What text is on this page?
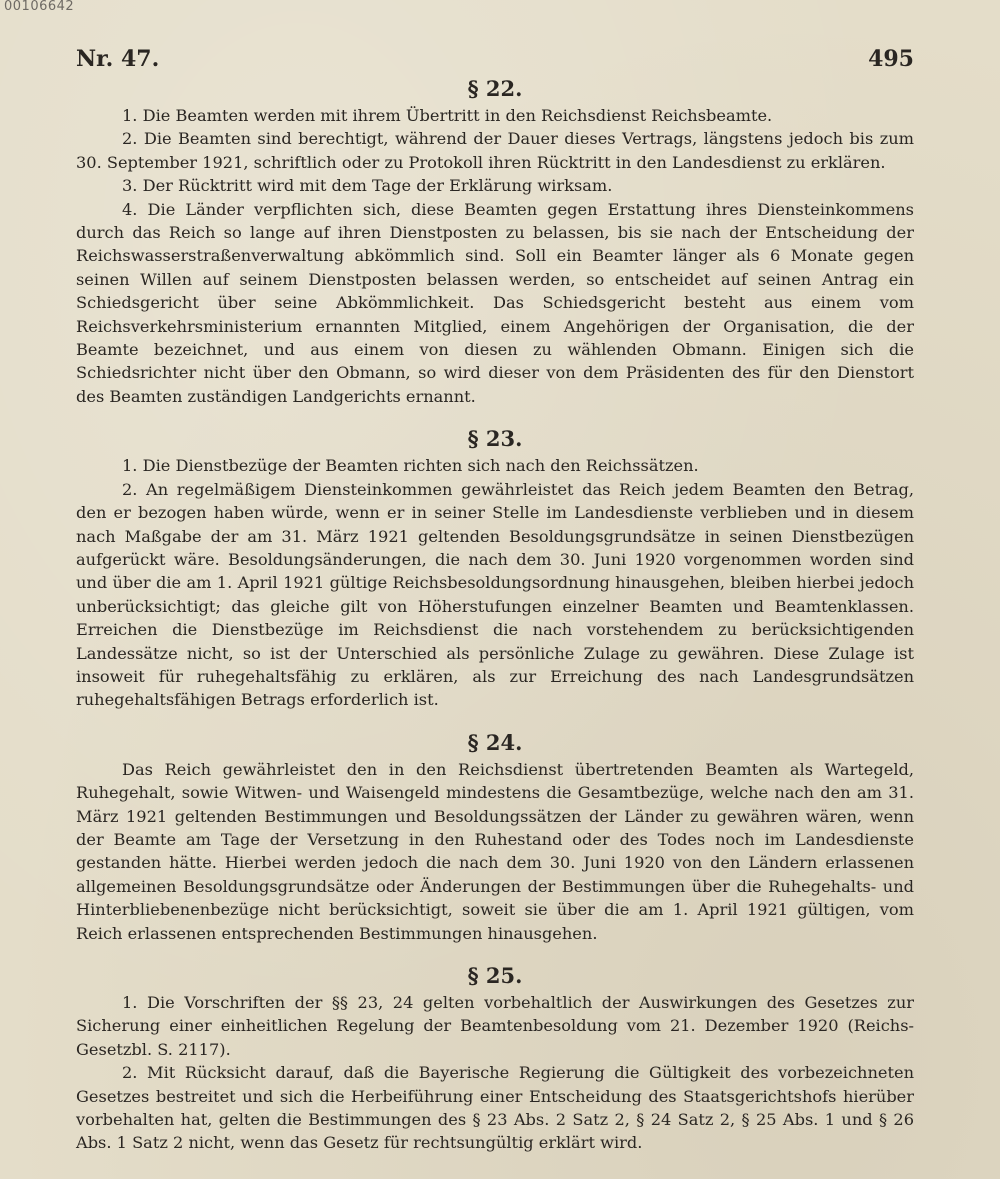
00106642
Nr. 47.	495
§ 22.

1. Die Beamten werden mit ihrem Übertritt in den Reichsdienst Reichsbeamte.

2. Die Beamten sind berechtigt, während der Dauer dieses Vertrags, längstens jedoch bis zum 30. September 1921, schriftlich oder zu Protokoll ihren Rücktritt in den Landesdienst zu erklären.

3. Der Rücktritt wird mit dem Tage der Erklärung wirksam.

4. Die Länder verpflichten sich, diese Beamten gegen Erstattung ihres Diensteinkommens durch das Reich so lange auf ihren Dienstposten zu belassen, bis sie nach der Entscheidung der Reichswasserstraßenverwaltung abkömmlich sind. Soll ein Beamter länger als 6 Monate gegen seinen Willen auf seinem Dienstposten belassen werden, so entscheidet auf seinen Antrag ein Schiedsgericht über seine Abkömmlichkeit. Das Schiedsgericht besteht aus einem vom Reichsverkehrsministerium ernannten Mitglied, einem Angehörigen der Organisation, die der Beamte bezeichnet, und aus einem von diesen zu wählenden Obmann. Einigen sich die Schiedsrichter nicht über den Obmann, so wird dieser von dem Präsidenten des für den Dienstort des Beamten zuständigen Landgerichts ernannt.

§ 23.

1. Die Dienstbezüge der Beamten richten sich nach den Reichssätzen.

2. An regelmäßigem Diensteinkommen gewährleistet das Reich jedem Beamten den Betrag, den er bezogen haben würde, wenn er in seiner Stelle im Landesdienste verblieben und in diesem nach Maßgabe der am 31. März 1921 geltenden Besoldungsgrundsätze in seinen Dienstbezügen aufgerückt wäre. Besoldungsänderungen, die nach dem 30. Juni 1920 vorgenommen worden sind und über die am 1. April 1921 gültige Reichsbesoldungsordnung hinausgehen, bleiben hierbei jedoch unberücksichtigt; das gleiche gilt von Höherstufungen einzelner Beamten und Beamtenklassen. Erreichen die Dienstbezüge im Reichsdienst die nach vorstehendem zu berücksichtigenden Landessätze nicht, so ist der Unterschied als persönliche Zulage zu gewähren. Diese Zulage ist insoweit für ruhegehaltsfähig zu erklären, als zur Erreichung des nach Landesgrundsätzen ruhegehaltsfähigen Betrags erforderlich ist.

§ 24.

Das Reich gewährleistet den in den Reichsdienst übertretenden Beamten als Wartegeld, Ruhegehalt, sowie Witwen- und Waisengeld mindestens die Gesamtbezüge, welche nach den am 31. März 1921 geltenden Bestimmungen und Besoldungssätzen der Länder zu gewähren wären, wenn der Beamte am Tage der Versetzung in den Ruhestand oder des Todes noch im Landesdienste gestanden hätte. Hierbei werden jedoch die nach dem 30. Juni 1920 von den Ländern erlassenen allgemeinen Besoldungsgrundsätze oder Änderungen der Bestimmungen über die Ruhegehalts- und Hinterbliebenenbezüge nicht berücksichtigt, soweit sie über die am 1. April 1921 gültigen, vom Reich erlassenen entsprechenden Bestimmungen hinausgehen.

§ 25.

1. Die Vorschriften der §§ 23, 24 gelten vorbehaltlich der Auswirkungen des Gesetzes zur Sicherung einer einheitlichen Regelung der Beamtenbesoldung vom 21. Dezember 1920 (Reichs-Gesetzbl. S. 2117).

2. Mit Rücksicht darauf, daß die Bayerische Regierung die Gültigkeit des vorbezeichneten Gesetzes bestreitet und sich die Herbeiführung einer Entscheidung des Staatsgerichtshofs hierüber vorbehalten hat, gelten die Bestimmungen des § 23 Abs. 2 Satz 2, § 24 Satz 2, § 25 Abs. 1 und § 26 Abs. 1 Satz 2 nicht, wenn das Gesetz für rechtsungültig erklärt wird.
